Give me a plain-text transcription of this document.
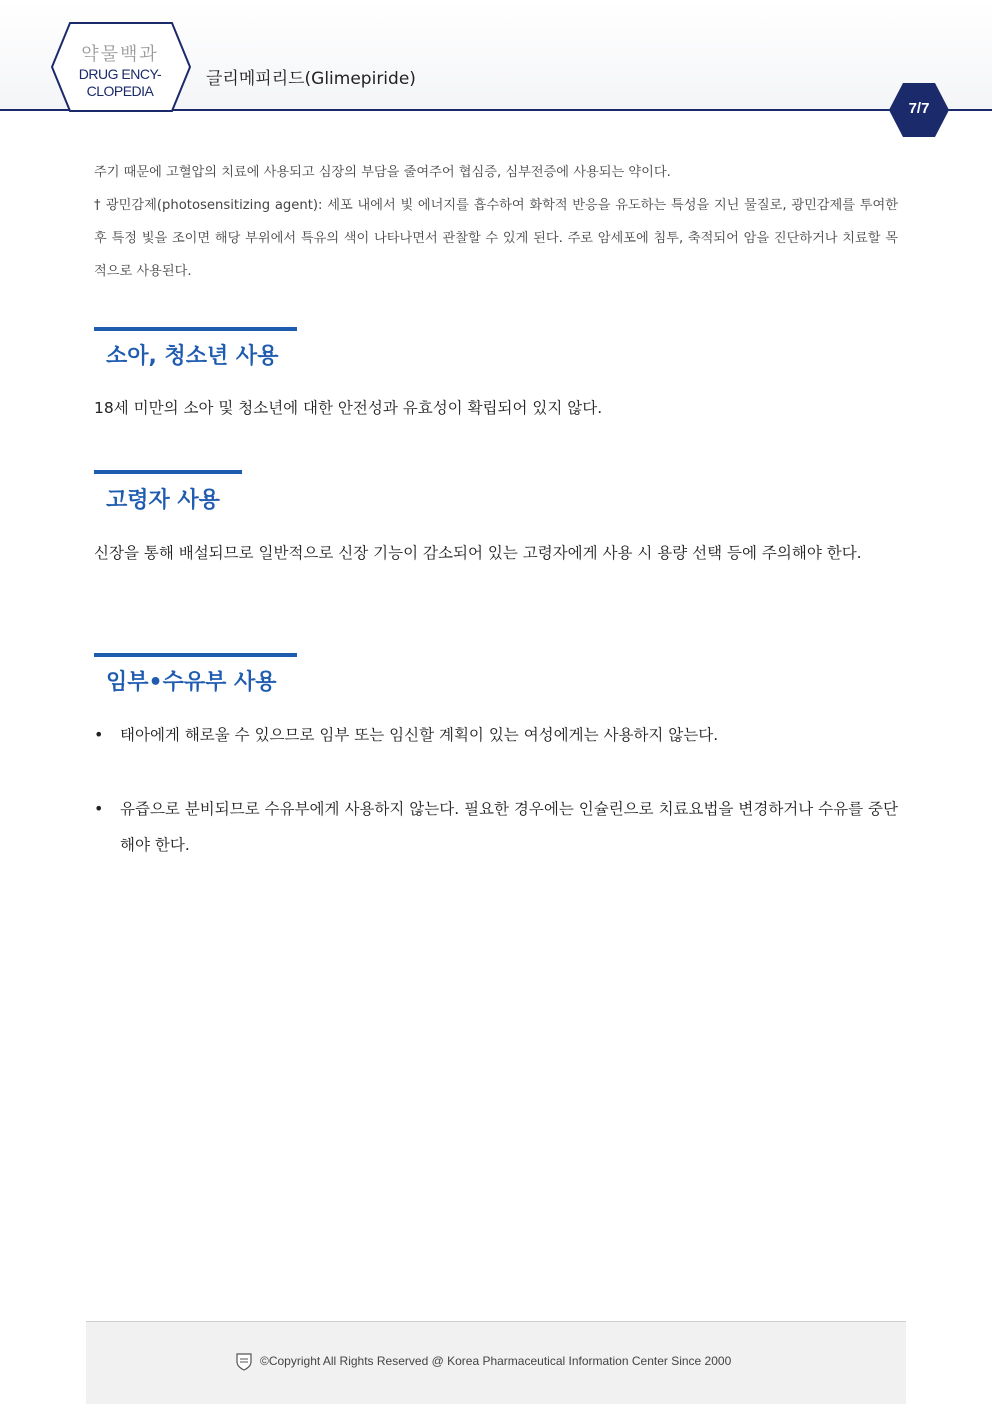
약물백과
DRUG ENCY-
CLOPEDIA
글리메피리드(Glimepiride)
7/7

주기 때문에 고혈압의 치료에 사용되고 심장의 부담을 줄여주어 협심증, 심부전증에 사용되는 약이다.

† 광민감제(photosensitizing agent): 세포 내에서 빛 에너지를 흡수하여 화학적 반응을 유도하는 특성을 지닌 물질로, 광민감제를 투여한 후 특정 빛을 조이면 해당 부위에서 특유의 색이 나타나면서 관찰할 수 있게 된다. 주로 암세포에 침투, 축적되어 암을 진단하거나 치료할 목적으로 사용된다.

소아, 청소년 사용

18세 미만의 소아 및 청소년에 대한 안전성과 유효성이 확립되어 있지 않다.

고령자 사용

신장을 통해 배설되므로 일반적으로 신장 기능이 감소되어 있는 고령자에게 사용 시 용량 선택 등에 주의해야 한다.

임부•수유부 사용
• 태아에게 해로울 수 있으므로 임부 또는 임신할 계획이 있는 여성에게는 사용하지 않는다.

• 유즙으로 분비되므로 수유부에게 사용하지 않는다. 필요한 경우에는 인슐린으로 치료요법을 변경하거나 수유를 중단해야 한다.

©Copyright All Rights Reserved @ Korea Pharmaceutical Information Center Since 2000
